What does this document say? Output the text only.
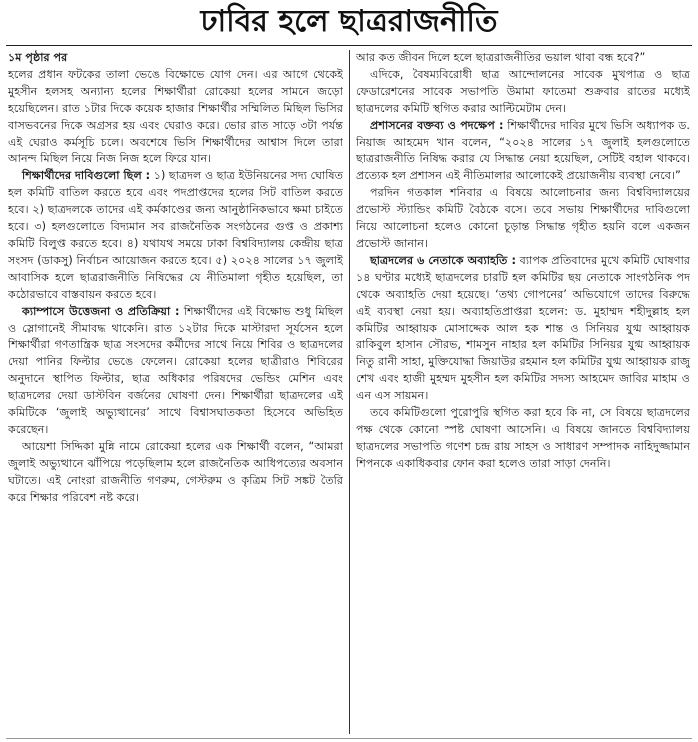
ঢাবির হলে ছাত্ররাজনীতি

১ম পৃষ্ঠার পর

হলের প্রধান ফটকের তালা ভেঙে বিক্ষোভে যোগ দেন। এর আগে থেকেই মুহসীন হলসহ অন্যান্য হলের শিক্ষার্থীরা রোকেয়া হলের সামনে জড়ো হয়েছিলেন। রাত ১টার দিকে কয়েক হাজার শিক্ষার্থীর সম্মিলিত মিছিল ভিসির বাসভবনের দিকে অগ্রসর হয় এবং ঘেরাও করে। ভোর রাত সাড়ে ৩টা পর্যন্ত এই ঘেরাও কর্মসূচি চলে। অবশেষে ভিসি শিক্ষার্থীদের আশ্বাস দিলে তারা আনন্দ মিছিল নিয়ে নিজ নিজ হলে ফিরে যান।

শিক্ষার্থীদের দাবিগুলো ছিল : ১) ছাত্রদল ও ছাত্র ইউনিয়নের সদ্য ঘোষিত হল কমিটি বাতিল করতে হবে এবং পদপ্রাপ্তদের হলের সিট বাতিল করতে হবে। ২) ছাত্রদলকে তাদের এই কর্মকাণ্ডের জন্য আনুষ্ঠানিকভাবে ক্ষমা চাইতে হবে। ৩) হলগুলোতে বিদ্যমান সব রাজনৈতিক সংগঠনের গুপ্ত ও প্রকাশ্য কমিটি বিলুপ্ত করতে হবে। ৪) যথাযথ সময়ে ঢাকা বিশ্ববিদ্যালয় কেন্দ্রীয় ছাত্র সংসদ (ডাকসু) নির্বাচন আয়োজন করতে হবে। ৫) ২০২৪ সালের ১৭ জুলাই আবাসিক হলে ছাত্ররাজনীতি নিষিদ্ধের যে নীতিমালা গৃহীত হয়েছিল, তা কঠোরভাবে বাস্তবায়ন করতে হবে।

ক্যাম্পাসে উত্তেজনা ও প্রতিক্রিয়া : শিক্ষার্থীদের এই বিক্ষোভ শুধু মিছিল ও স্লোগানেই সীমাবদ্ধ থাকেনি। রাত ১২টার দিকে মাস্টারদা সূর্যসেন হলে শিক্ষার্থীরা গণতান্ত্রিক ছাত্র সংসদের কর্মীদের সাথে নিয়ে শিবির ও ছাত্রদলের দেয়া পানির ফিল্টার ভেঙে ফেলেন। রোকেয়া হলের ছাত্রীরাও শিবিরের অনুদানে স্থাপিত ফিল্টার, ছাত্র অধিকার পরিষদের ভেন্ডিং মেশিন এবং ছাত্রদলের দেয়া ডাস্টবিন বর্জনের ঘোষণা দেন। শিক্ষার্থীরা ছাত্রদলের এই কমিটিকে ‘জুলাই অভ্যুত্থানের’ সাথে বিশ্বাসঘাতকতা হিসেবে অভিহিত করেছেন।

আয়েশা সিদ্দিকা মুন্নি নামে রোকেয়া হলের এক শিক্ষার্থী বলেন, “আমরা জুলাই অভ্যুত্থানে ঝাঁপিয়ে পড়েছিলাম হলে রাজনৈতিক আধিপত্যের অবসান ঘটাতে। এই নোংরা রাজনীতি গণরুম, গেস্টরুম ও কৃত্রিম সিট সঙ্কট তৈরি করে শিক্ষার পরিবেশ নষ্ট করে।

আর কত জীবন দিলে হলে ছাত্ররাজনীতির ভয়াল থাবা বন্ধ হবে?”

এদিকে, বৈষম্যবিরোধী ছাত্র আন্দোলনের সাবেক মুখপাত্র ও ছাত্র ফেডারেশনের সাবেক সভাপতি উমামা ফাতেমা শুক্রবার রাতের মধ্যেই ছাত্রদলের কমিটি স্থগিত করার আল্টিমেটাম দেন।

প্রশাসনের বক্তব্য ও পদক্ষেপ : শিক্ষার্থীদের দাবির মুখে ভিসি অধ্যাপক ড. নিয়াজ আহমেদ খান বলেন, “২০২৪ সালের ১৭ জুলাই হলগুলোতে ছাত্ররাজনীতি নিষিদ্ধ করার যে সিদ্ধান্ত নেয়া হয়েছিল, সেটিই বহাল থাকবে। প্রত্যেক হল প্রশাসন এই নীতিমালার আলোকেই প্রয়োজনীয় ব্যবস্থা নেবে।”

পরদিন গতকাল শনিবার এ বিষয়ে আলোচনার জন্য বিশ্ববিদ্যালয়ের প্রভোস্ট স্ট্যান্ডিং কমিটি বৈঠকে বসে। তবে সভায় শিক্ষার্থীদের দাবিগুলো নিয়ে আলোচনা হলেও কোনো চূড়ান্ত সিদ্ধান্ত গৃহীত হয়নি বলে একজন প্রভোস্ট জানান।

ছাত্রদলের ৬ নেতাকে অব্যাহতি : ব্যাপক প্রতিবাদের মুখে কমিটি ঘোষণার ১৪ ঘণ্টার মধ্যেই ছাত্রদলের চারটি হল কমিটির ছয় নেতাকে সাংগঠনিক পদ থেকে অব্যাহতি দেয়া হয়েছে। ‘তথ্য গোপনের’ অভিযোগে তাদের বিরুদ্ধে এই ব্যবস্থা নেয়া হয়। অব্যাহতিপ্রাপ্তরা হলেন: ড. মুহাম্মদ শহীদুল্লাহ হল কমিটির আহ্বায়ক মোসাদ্দেক আল হক শান্ত ও সিনিয়র যুগ্ম আহ্বায়ক রাকিবুল হাসান সৌরভ, শামসুন নাহার হল কমিটির সিনিয়র যুগ্ম আহ্বায়ক নিতু রানী সাহা, মুক্তিযোদ্ধা জিয়াউর রহমান হল কমিটির যুগ্ম আহ্বায়ক রাজু শেখ এবং হাজী মুহম্মদ মুহসীন হল কমিটির সদস্য আহমেদ জাবির মাহাম ও এন এস সায়মন।

তবে কমিটিগুলো পুরোপুরি স্থগিত করা হবে কি না, সে বিষয়ে ছাত্রদলের পক্ষ থেকে কোনো স্পষ্ট ঘোষণা আসেনি। এ বিষয়ে জানতে বিশ্ববিদ্যালয় ছাত্রদলের সভাপতি গণেশ চন্দ্র রায় সাহস ও সাধারণ সম্পাদক নাহিদুজ্জামান শিপনকে একাধিকবার ফোন করা হলেও তারা সাড়া দেননি।
